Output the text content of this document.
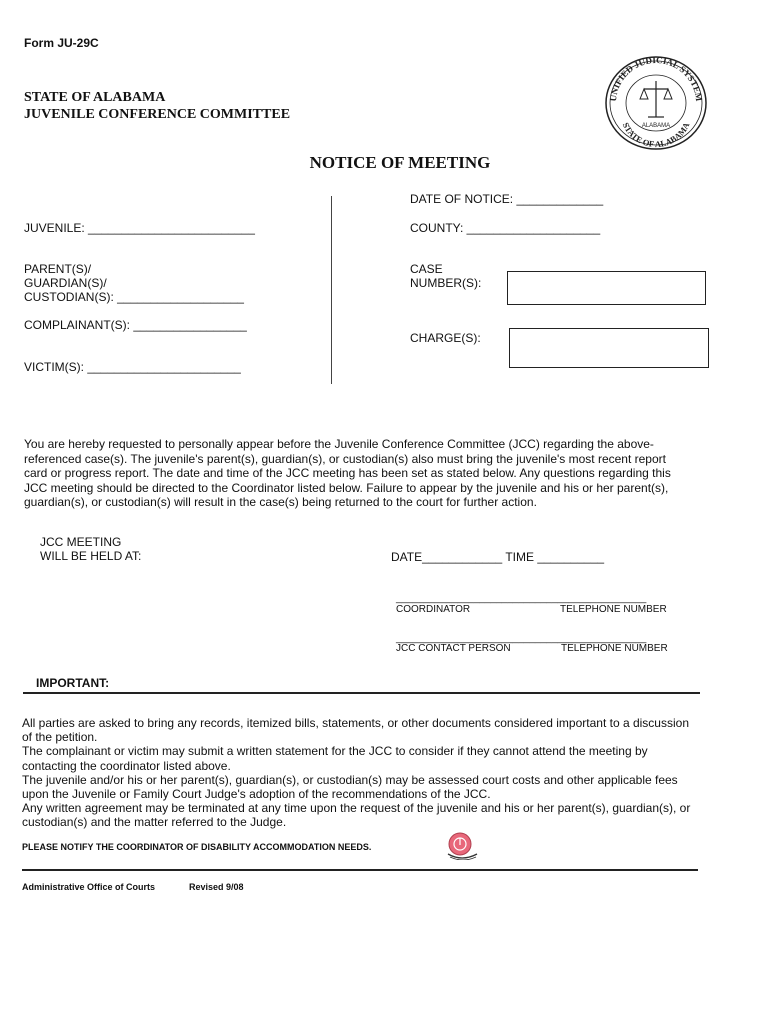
Form JU-29C
STATE OF ALABAMA
JUVENILE CONFERENCE COMMITTEE
NOTICE OF MEETING
UNIFIED JUDICIAL SYSTEM
STATE OF ALABAMA
ALABAMA
JUVENILE: _________________________
PARENT(S)/
GUARDIAN(S)/
CUSTODIAN(S): ___________________
COMPLAINANT(S): _________________
VICTIM(S): _______________________
DATE OF NOTICE: _____________
COUNTY: ____________________
CASE
NUMBER(S):
CHARGE(S):
You are hereby requested to personally appear before the Juvenile Conference Committee (JCC) regarding the above-referenced case(s). The juvenile's parent(s), guardian(s), or custodian(s) also must bring the juvenile's most recent report card or progress report. The date and time of the JCC meeting has been set as stated below. Any questions regarding this JCC meeting should be directed to the Coordinator listed below. Failure to appear by the juvenile and his or her parent(s), guardian(s), or custodian(s) will result in the case(s) being returned to the court for further action.
JCC MEETING
WILL BE HELD AT:	DATE____________ TIME __________
_____________________________________________
COORDINATOR	TELEPHONE NUMBER
_____________________________________________
JCC CONTACT PERSON	TELEPHONE NUMBER
IMPORTANT:
All parties are asked to bring any records, itemized bills, statements, or other documents considered important to a discussion of the petition.
The complainant or victim may submit a written statement for the JCC to consider if they cannot attend the meeting by contacting the coordinator listed above.
The juvenile and/or his or her parent(s), guardian(s), or custodian(s) may be assessed court costs and other applicable fees upon the Juvenile or Family Court Judge's adoption of the recommendations of the JCC.
Any written agreement may be terminated at any time upon the request of the juvenile and his or her parent(s), guardian(s), or custodian(s) and the matter referred to the Judge.
PLEASE NOTIFY THE COORDINATOR OF DISABILITY ACCOMMODATION NEEDS.
Administrative Office of Courts	Revised 9/08
